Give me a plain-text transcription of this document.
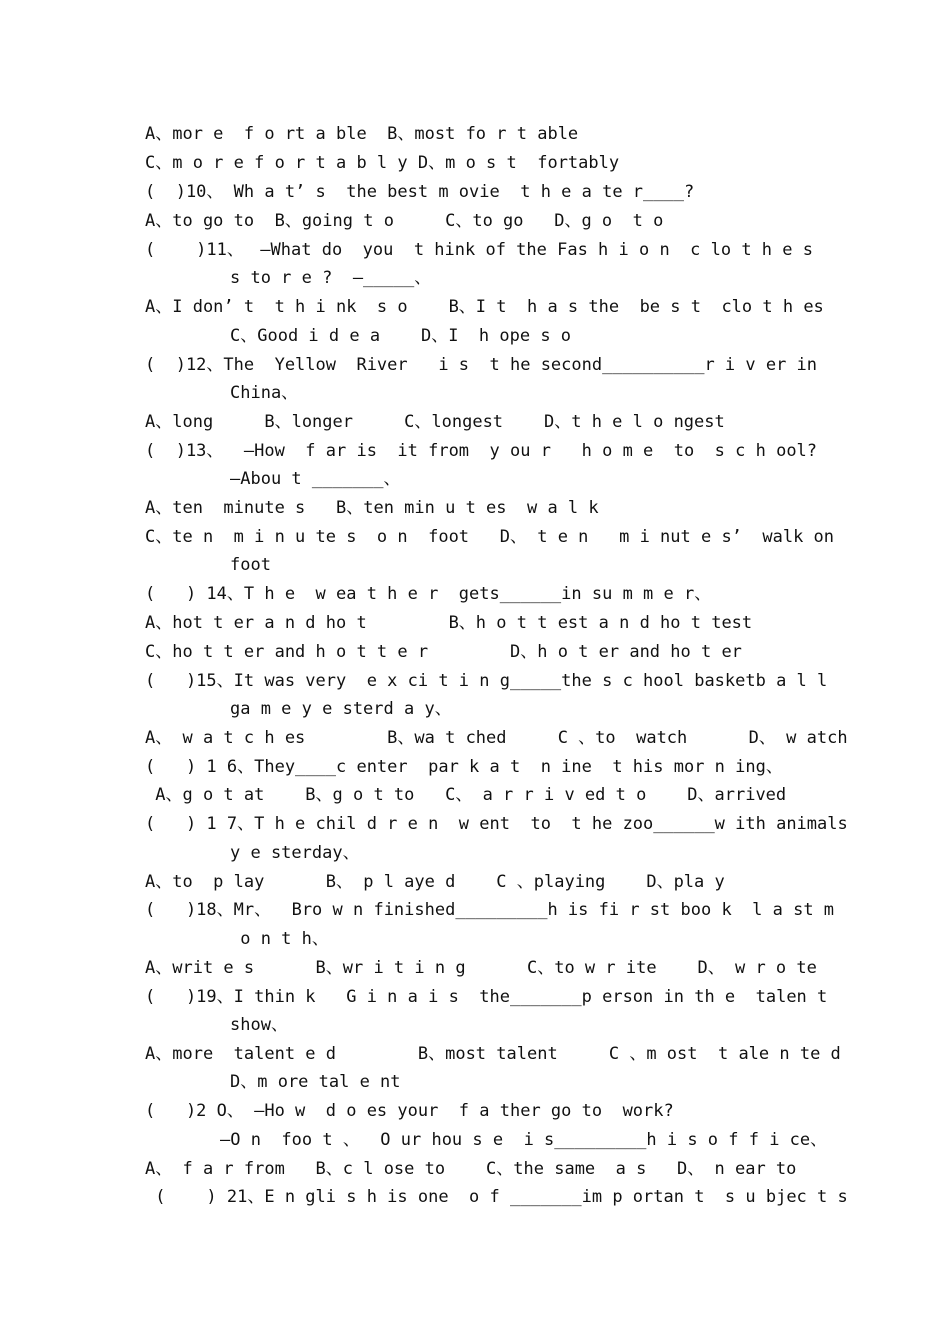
A、mor e  f o rt a ble  B、most fo r t able
C、m o r e f o r t a b l y D、m o s t  fortably
(  )10、 Wh a t’ s  the best m ovie  t h e a te r____?
A、to go to  B、going t o     C、to go   D、g o  t o
(    )11、ﾠ—What do  you  t hink of the Fas h i o n  c lo t h e s
s to r e ?  —_____、
A、I don’ t  t h i nk  s o    B、I t  h a s the  be s t  clo t h es
C、Good i d e a    D、I  h ope s o
(  )12、The  Yellow  River   i s  t he second__________r i v er in
China、
A、long     B、longer     C、longest    D、t h e l o ngest
(  )13、  —How  f ar is  it from  y ou r   h o m e  to  s c h ool?
—Abou t _______、
A、ten  minute s   B、ten min u t es  w a l k
C、te n  m i n u te s  o n  foot   D、 t e n   m i nut e s’  walk on
foot
(   ) 14、T h e  w ea t h e r  gets______in su m m e r、
A、hot t er a n d ho t        B、h o t t est a n d ho t test
C、ho t t er and h o t t e r        D、h o t er and ho t er
(   )15、It was very  e x ci t i n g_____the s c hool basketb a l l
ga m e y e sterd a y、
A、 w a t c h es        B、wa t ched     C 、to  watch      D、 w atch
(   ) 1 6、They____c enter  par k a t  n ine  t his mor n ing、
A、g o t at    B、g o t to   C、 a r r i v ed t o    D、arrived
(   ) 1 7、T h e chil d r e n  w ent  to  t he zoo______w ith animals
y e sterday、
A、to  p lay      B、 p l aye d    C 、playing    D、pla y
(   )18、Mr、  Bro w n finished_________h is fi r st boo k  l a st m
o n t h、
A、writ e s      B、wr i t i n g      C、to w r ite    D、 w r o te
(   )19、I thin k   G i n a i s  the_______p erson in th e  talen t
show、
A、more  talent e d        B、most talent     C 、m ost  t ale n te d
D、m ore tal e nt
(   )2 O、 —Ho w  d o es your  f a ther go to  work?
—O n  foo t 、  O ur hou s e  i s_________h i s o f f i ce、
A、 f a r from   B、c l ose to    C、the same  a s   D、 n ear to
(    ) 21、E n gli s h is one  o f _______im p ortan t  s u bjec t s
